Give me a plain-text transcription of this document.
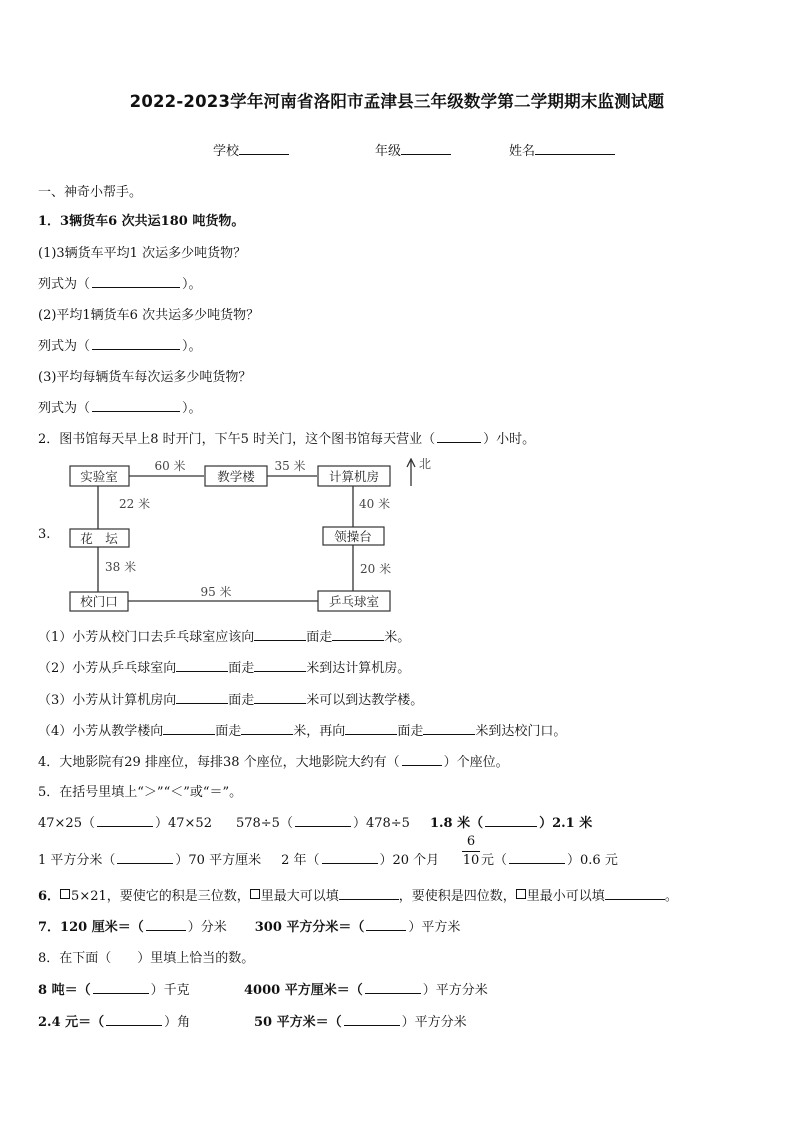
2022-2023学年河南省洛阳市孟津县三年级数学第二学期期末监测试题
学校	年级	姓名
一、神奇小帮手。
1．3辆货车6 次共运180 吨货物。
(1)3辆货车平均1 次运多少吨货物？
列式为（	）。
(2)平均1辆货车6 次共运多少吨货物？
列式为（	）。
(3)平均每辆货车每次运多少吨货物？
列式为（	）。
2．图书馆每天早上8 时开门，下午5 时关门，这个图书馆每天营业（	）小时。
3.
实验室	教学楼	计算机房
花　坛	领操台
校门口	乒乓球室
60 米	35 米
22 米	40 米
38 米	20 米
95 米
北
（1）小芳从校门口去乒乓球室应该向	面走	米。
（2）小芳从乒乓球室向	面走	米到达计算机房。
（3）小芳从计算机房向	面走	米可以到达教学楼。
（4）小芳从教学楼向	面走	米，再向	面走	米到达校门口。
4．大地影院有29 排座位，每排38 个座位，大地影院大约有（	）个座位。
5．在括号里填上“＞”“＜”或“＝”。
47×25（	）47×52 578÷5（	）478÷5 1.8 米（	）2.1 米
1 平方分米（	）70 平方厘米 2 年（	）20 个月
6
10 元（	）0.6 元
6． 5×21，要使它的积是三位数， 里最大可以填	，要使积是四位数， 里最小可以填	。
7．120 厘米＝（	）分米 300 平方分米＝（	）平方米
8．在下面（　　）里填上恰当的数。
8 吨＝（	）千克	4000 平方厘米＝（	）平方分米
2.4 元＝（	）角	50 平方米＝（	）平方分米
